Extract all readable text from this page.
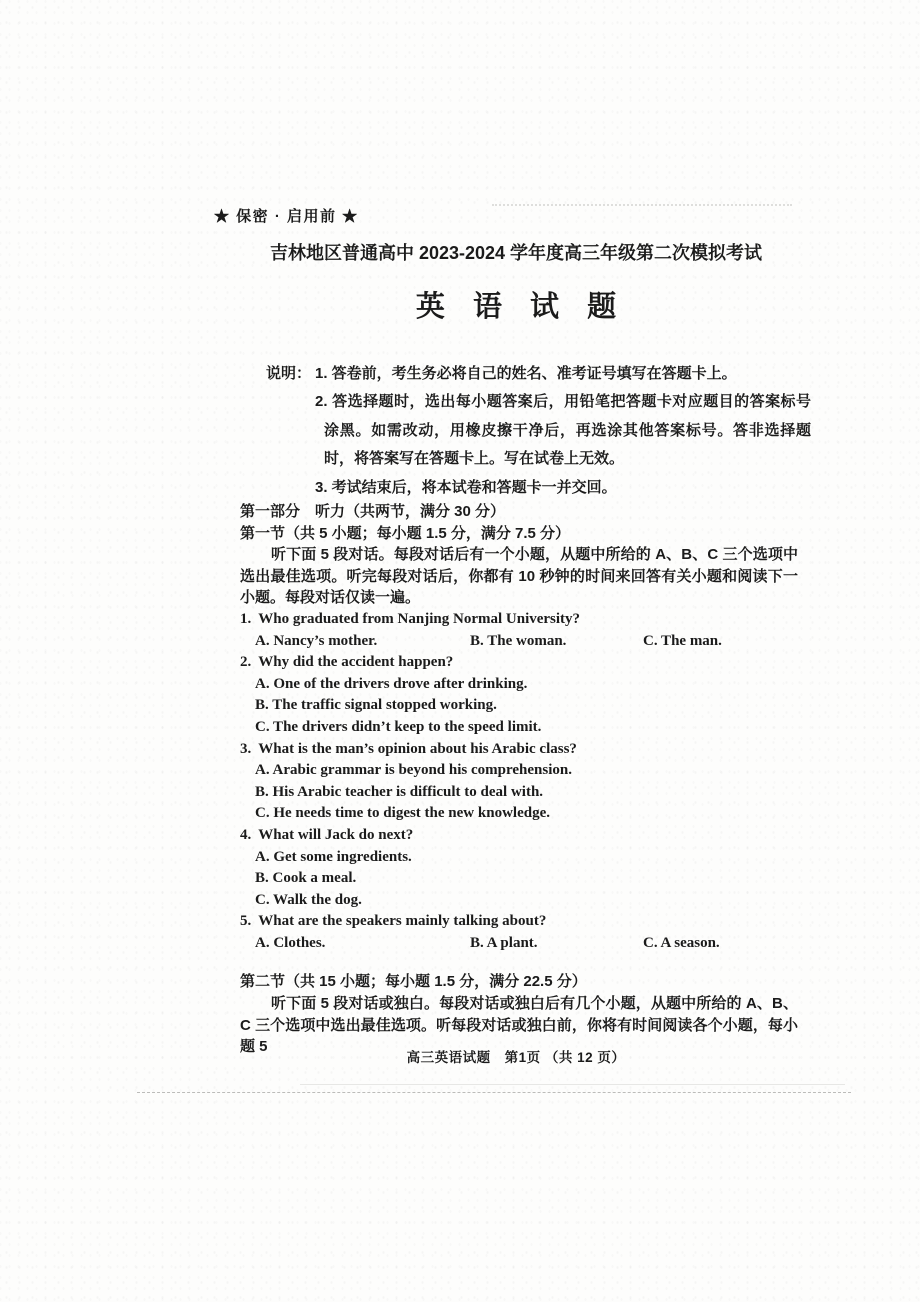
★ 保密 · 启用前 ★
吉林地区普通高中 2023-2024 学年度高三年级第二次模拟考试
英 语 试 题
说明： 1. 答卷前，考生务必将自己的姓名、准考证号填写在答题卡上。
2. 答选择题时，选出每小题答案后，用铅笔把答题卡对应题目的答案标号涂黑。如需改动，用橡皮擦干净后，再选涂其他答案标号。答非选择题时，将答案写在答题卡上。写在试卷上无效。
3. 考试结束后，将本试卷和答题卡一并交回。
第一部分　听力（共两节，满分 30 分）
第一节（共 5 小题；每小题 1.5 分，满分 7.5 分）
听下面 5 段对话。每段对话后有一个小题，从题中所给的 A、B、C 三个选项中选出最佳选项。听完每段对话后，你都有 10 秒钟的时间来回答有关小题和阅读下一小题。每段对话仅读一遍。
1. Who graduated from Nanjing Normal University?
A. Nancy’s mother.	B. The woman.	C. The man.
2. Why did the accident happen?
A. One of the drivers drove after drinking.
B. The traffic signal stopped working.
C. The drivers didn’t keep to the speed limit.
3. What is the man’s opinion about his Arabic class?
A. Arabic grammar is beyond his comprehension.
B. His Arabic teacher is difficult to deal with.
C. He needs time to digest the new knowledge.
4. What will Jack do next?
A. Get some ingredients.
B. Cook a meal.
C. Walk the dog.
5. What are the speakers mainly talking about?
A. Clothes.	B. A plant.	C. A season.
第二节（共 15 小题；每小题 1.5 分，满分 22.5 分）
听下面 5 段对话或独白。每段对话或独白后有几个小题，从题中所给的 A、B、C 三个选项中选出最佳选项。听每段对话或独白前，你将有时间阅读各个小题，每小题 5
高三英语试题　第1页 （共 12 页）
